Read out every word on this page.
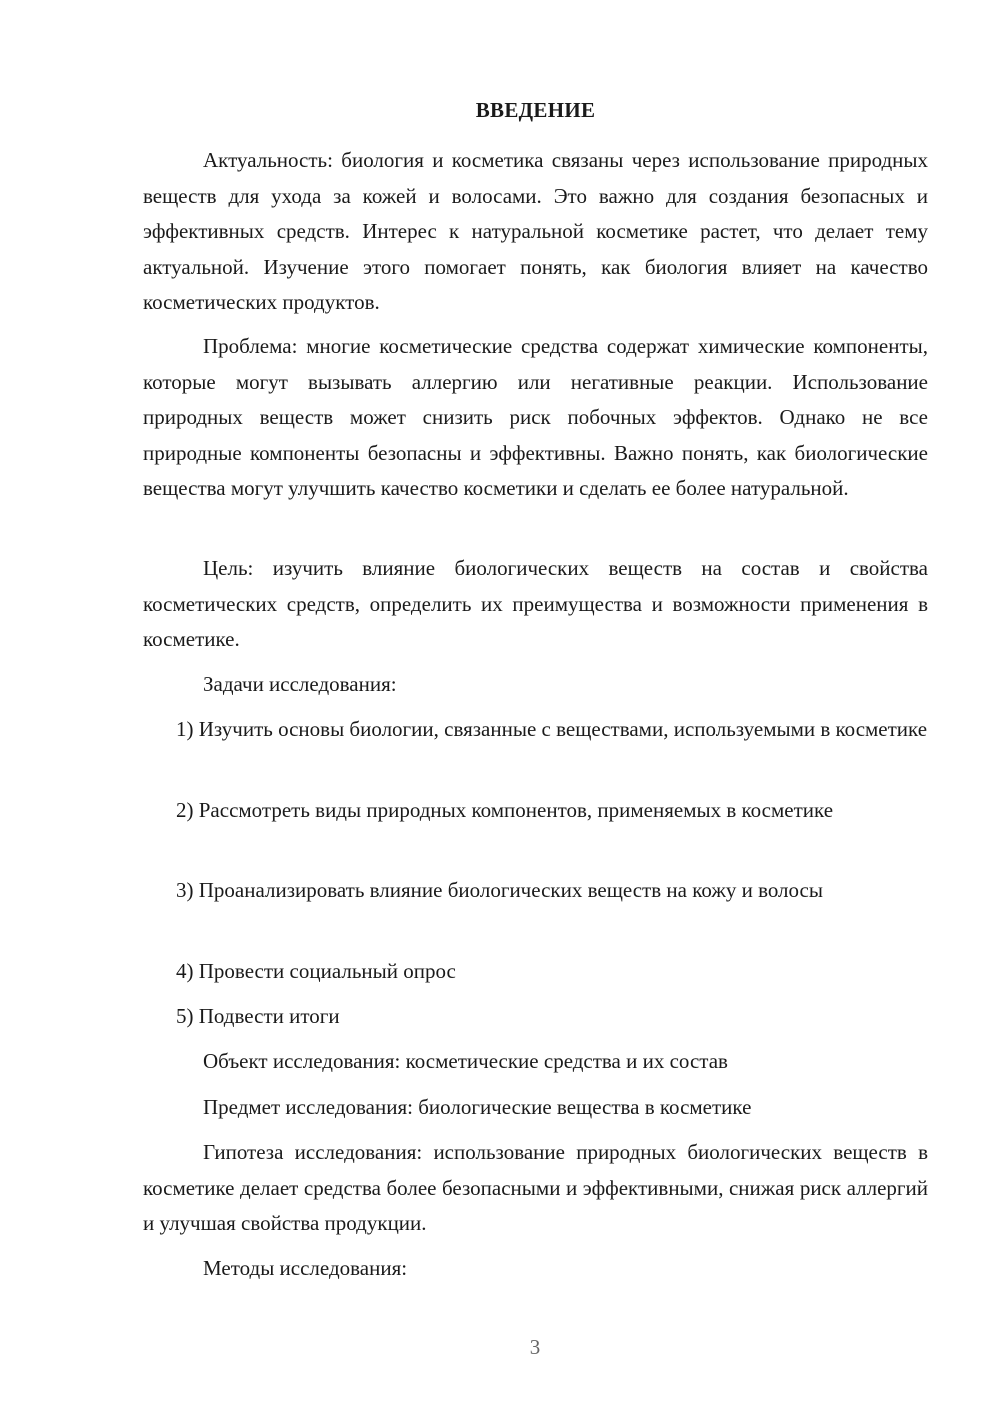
ВВЕДЕНИЕ

Актуальность: биология и косметика связаны через использование природных веществ для ухода за кожей и волосами. Это важно для создания безопасных и эффективных средств. Интерес к натуральной косметике растет, что делает тему актуальной. Изучение этого помогает понять, как биология влияет на качество косметических продуктов.

Проблема: многие косметические средства содержат химические компоненты, которые могут вызывать аллергию или негативные реакции. Использование природных веществ может снизить риск побочных эффектов. Однако не все природные компоненты безопасны и эффективны. Важно понять, как биологические вещества могут улучшить качество косметики и сделать ее более натуральной.

Цель: изучить влияние биологических веществ на состав и свойства косметических средств, определить их преимущества и возможности применения в косметике.

Задачи исследования:

1) Изучить основы биологии, связанные с веществами, используемыми в косметике

2) Рассмотреть виды природных компонентов, применяемых в косметике

3) Проанализировать влияние биологических веществ на кожу и волосы

4) Провести социальный опрос

5) Подвести итоги

Объект исследования: косметические средства и их состав

Предмет исследования: биологические вещества в косметике

Гипотеза исследования: использование природных биологических веществ в косметике делает средства более безопасными и эффективными, снижая риск аллергий и улучшая свойства продукции.

Методы исследования:

3
